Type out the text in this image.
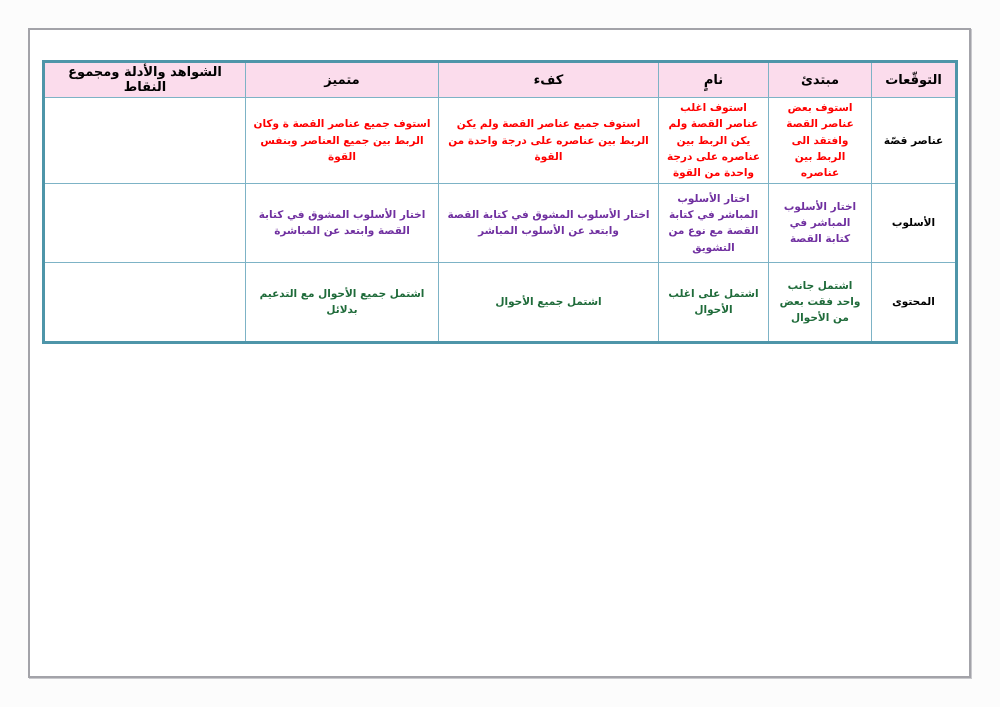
التوقّعات	مبتدئ	نامٍ	كفء	متميز	الشواهد والأدلة ومجموع النقاط
عناصر قصّة	استوف بعض عناصر القصة وافتقد الى الربط بين عناصره	استوف اغلب عناصر القصة ولم يكن الربط بين عناصره على درجة واحدة من القوة	استوف جميع عناصر القصة ولم يكن الربط بين عناصره على درجة واحدة من القوة	استوف جميع عناصر القصة ة وكان الربط بين جميع العناصر وبنفس القوة	
الأسلوب	اختار الأسلوب المباشر في كتابة القصة	اختار الأسلوب المباشر في كتابة القصة مع نوع من التشويق	اختار الأسلوب المشوق في كتابة القصة وابتعد عن الأسلوب المباشر	اختار الأسلوب المشوق في كتابة القصة وابتعد عن المباشرة	
المحتوى	اشتمل جانب واحد فقت بعض من الأحوال	اشتمل على اغلب الأحوال	اشتمل جميع الأحوال	اشتمل جميع الأحوال مع التدعيم بدلائل	
